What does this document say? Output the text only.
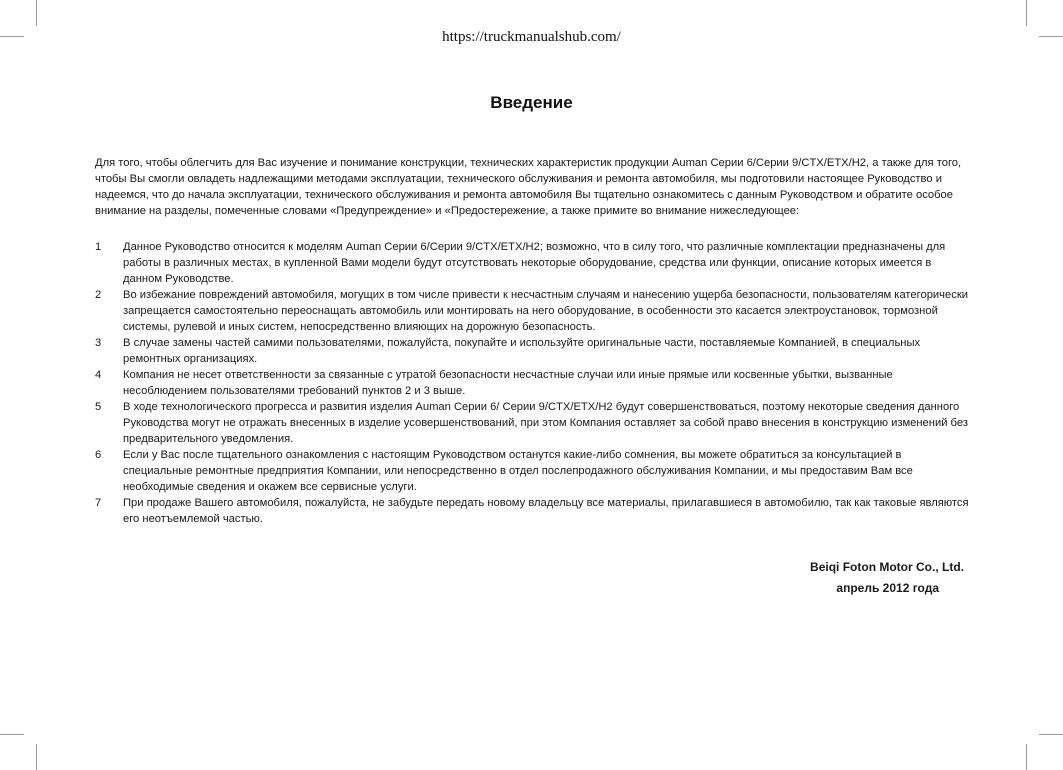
https://truckmanualshub.com/
Введение

Для того, чтобы облегчить для Вас изучение и понимание конструкции, технических характеристик продукции Auman Серии 6/Серии 9/CTX/ETX/H2, а также для того, чтобы Вы смогли овладеть надлежащими методами эксплуатации, технического обслуживания и ремонта автомобиля, мы подготовили настоящее Руководство и надеемся, что до начала эксплуатации, технического обслуживания и ремонта автомобиля Вы тщательно ознакомитесь с данным Руководством и обратите особое внимание на разделы, помеченные словами «Предупреждение» и «Предостережение, а также примите во внимание нижеследующее:

1	Данное Руководство относится к моделям Auman Серии 6/Серии 9/CTX/ETX/H2; возможно, что в силу того, что различные комплектации предназначены для работы в различных местах, в купленной Вами модели будут отсутствовать некоторые оборудование, средства или функции, описание которых имеется в данном Руководстве.
2	Во избежание повреждений автомобиля, могущих в том числе привести к несчастным случаям и нанесению ущерба безопасности, пользователям категорически запрещается самостоятельно переоснащать автомобиль или монтировать на него оборудование, в особенности это касается электроустановок, тормозной системы, рулевой и иных систем, непосредственно влияющих на дорожную безопасность.
3	В случае замены частей самими пользователями, пожалуйста, покупайте и используйте оригинальные части, поставляемые Компанией, в специальных ремонтных организациях.
4	Компания не несет ответственности за связанные с утратой безопасности несчастные случаи или иные прямые или косвенные убытки, вызванные несоблюдением пользователями требований пунктов 2 и 3 выше.
5	В ходе технологического прогресса и развития изделия Auman Серии 6/ Серии 9/CTX/ETX/H2 будут совершенствоваться, поэтому некоторые сведения данного Руководства могут не отражать внесенных в изделие усовершенствований, при этом Компания оставляет за собой право внесения в конструкцию изменений без предварительного уведомления.
6	Если у Вас после тщательного ознакомления с настоящим Руководством останутся какие-либо сомнения, вы можете обратиться за консультацией в специальные ремонтные предприятия Компании, или непосредственно в отдел послепродажного обслуживания Компании, и мы предоставим Вам все необходимые сведения и окажем все сервисные услуги.
7	При продаже Вашего автомобиля, пожалуйста, не забудьте передать новому владельцу все материалы, прилагавшиеся в автомобилю, так как таковые являются его неотъемлемой частью.
Beiqi Foton Motor Co., Ltd.
апрель 2012 года
